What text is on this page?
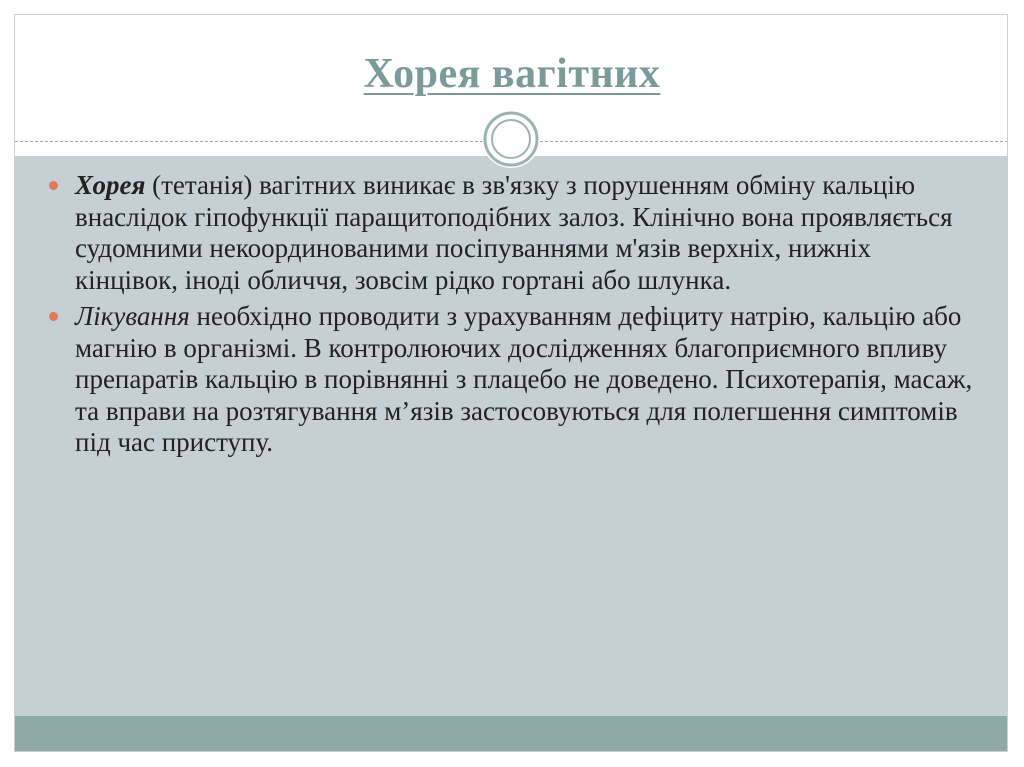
Хорея вагітних

Хорея (тетанія) вагітних виникає в зв'язку з порушенням обміну кальцію внаслідок гіпофункції паращитоподібних залоз. Клінічно вона проявляється судомними некоординованими посіпуваннями м'язів верхніх, нижніх кінцівок, іноді обличчя, зовсім рідко гортані або шлунка.

Лікування необхідно проводити з урахуванням дефіциту натрію, кальцію або магнію в організмі. В контролюючих дослідженнях благоприємного впливу препаратів кальцію в порівнянні з плацебо не доведено. Психотерапія, масаж, та вправи на розтягування м’язів застосовуються для полегшення симптомів під час приступу.
